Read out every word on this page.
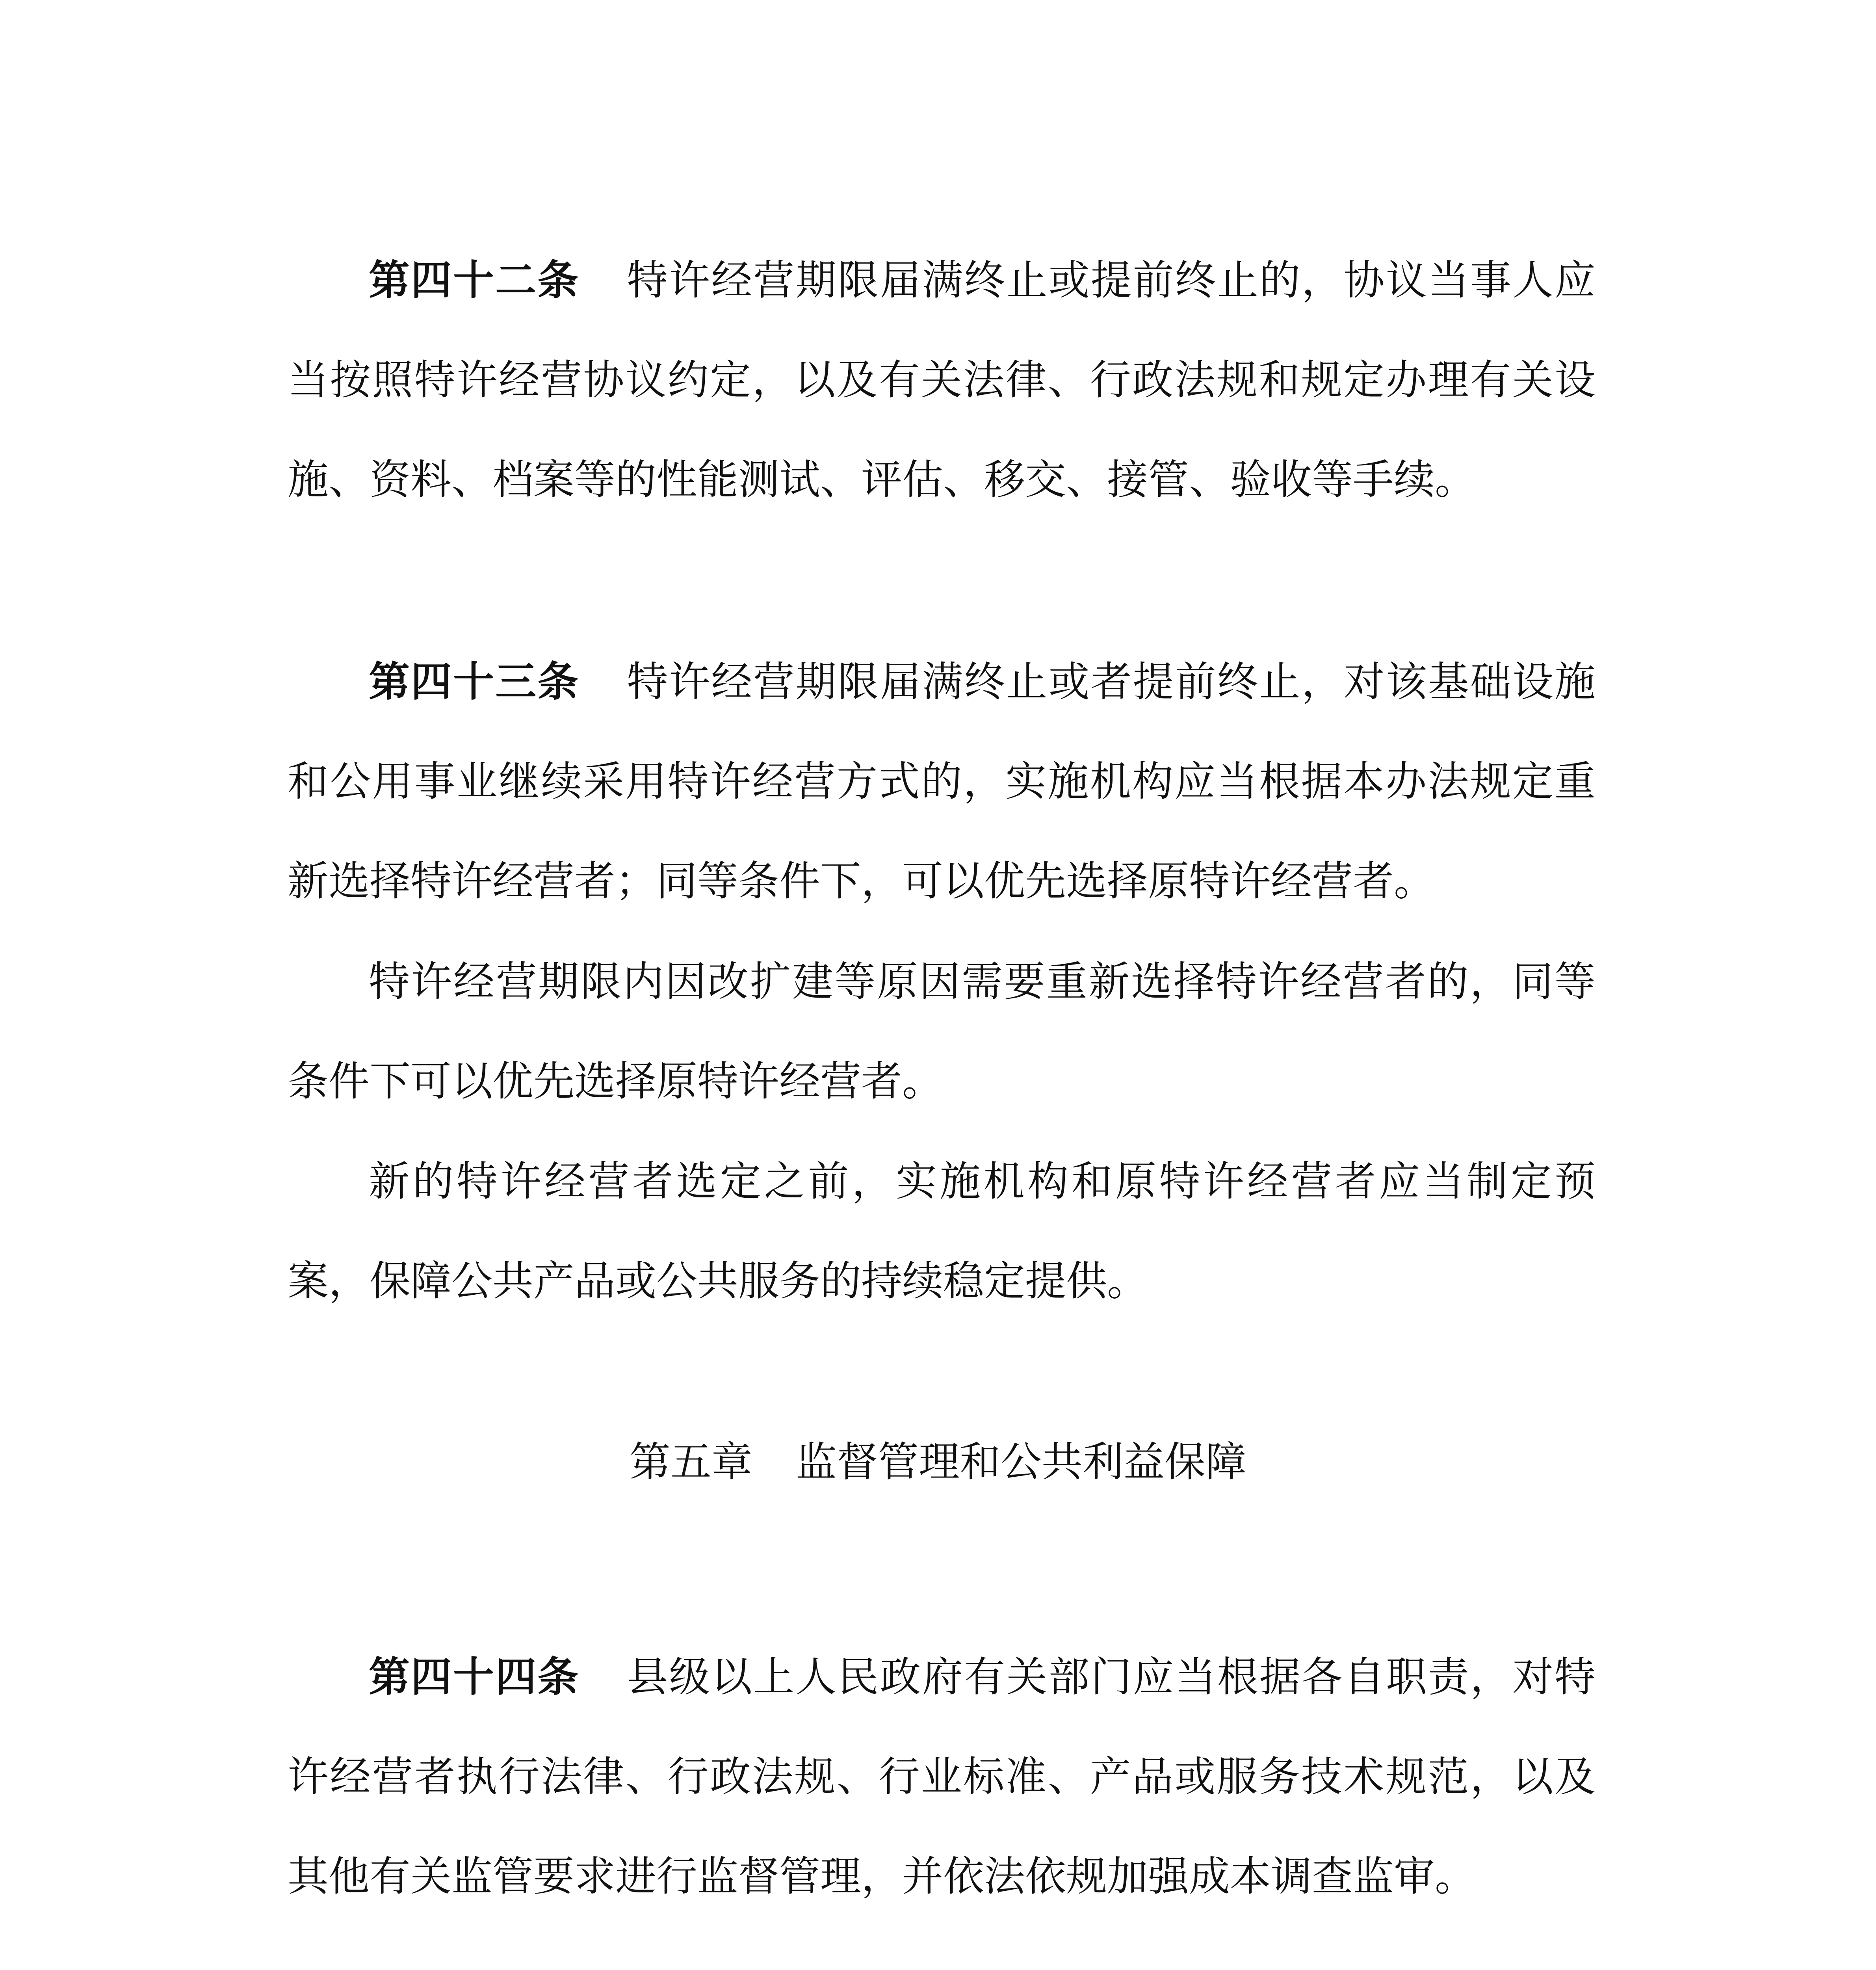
第四十二条 特许经营期限届满终止或提前终止的，协议当事人应当按照特许经营协议约定，以及有关法律、行政法规和规定办理有关设施、资料、档案等的性能测试、评估、移交、接管、验收等手续。

第四十三条 特许经营期限届满终止或者提前终止，对该基础设施和公用事业继续采用特许经营方式的，实施机构应当根据本办法规定重新选择特许经营者；同等条件下，可以优先选择原特许经营者。

特许经营期限内因改扩建等原因需要重新选择特许经营者的，同等条件下可以优先选择原特许经营者。

新的特许经营者选定之前，实施机构和原特许经营者应当制定预案，保障公共产品或公共服务的持续稳定提供。

第五章 监督管理和公共利益保障

第四十四条 县级以上人民政府有关部门应当根据各自职责，对特许经营者执行法律、行政法规、行业标准、产品或服务技术规范，以及其他有关监管要求进行监督管理，并依法依规加强成本调查监审。
